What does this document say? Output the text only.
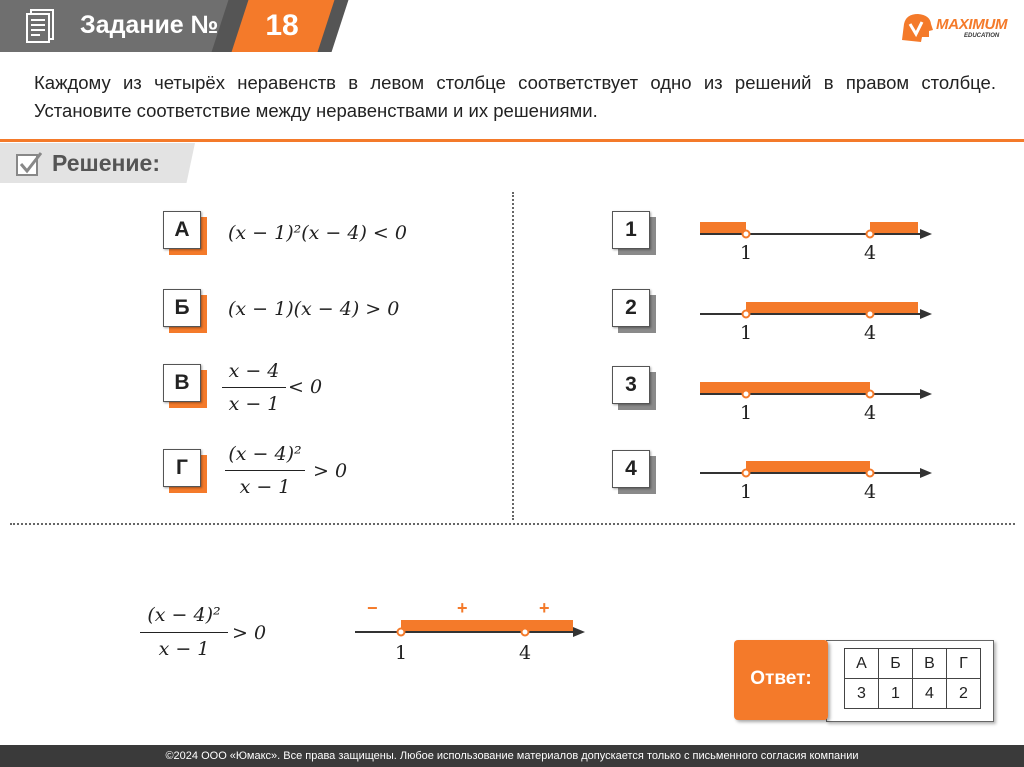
Задание №	18	MAXIMUM
EDUCATION
Каждому из четырёх неравенств в левом столбце соответствует одно из решений в правом столбце. Установите соответствие между неравенствами и их решениями.
Решение:
А	(x − 1)²(x − 4) < 0
Б	(x − 1)(x − 4) > 0
В	x − 4
x − 1
< 0
Г
(x − 4)²
x − 1
> 0
1
2
3
4
1	4
1	4
1	4
1	4
(x − 4)²
x − 1
> 0
−	+	+
1	4
Ответ:
А	Б	В	Г
3	1	4	2
©2024 ООО «Юмакс». Все права защищены. Любое использование материалов допускается только с письменного согласия компании
